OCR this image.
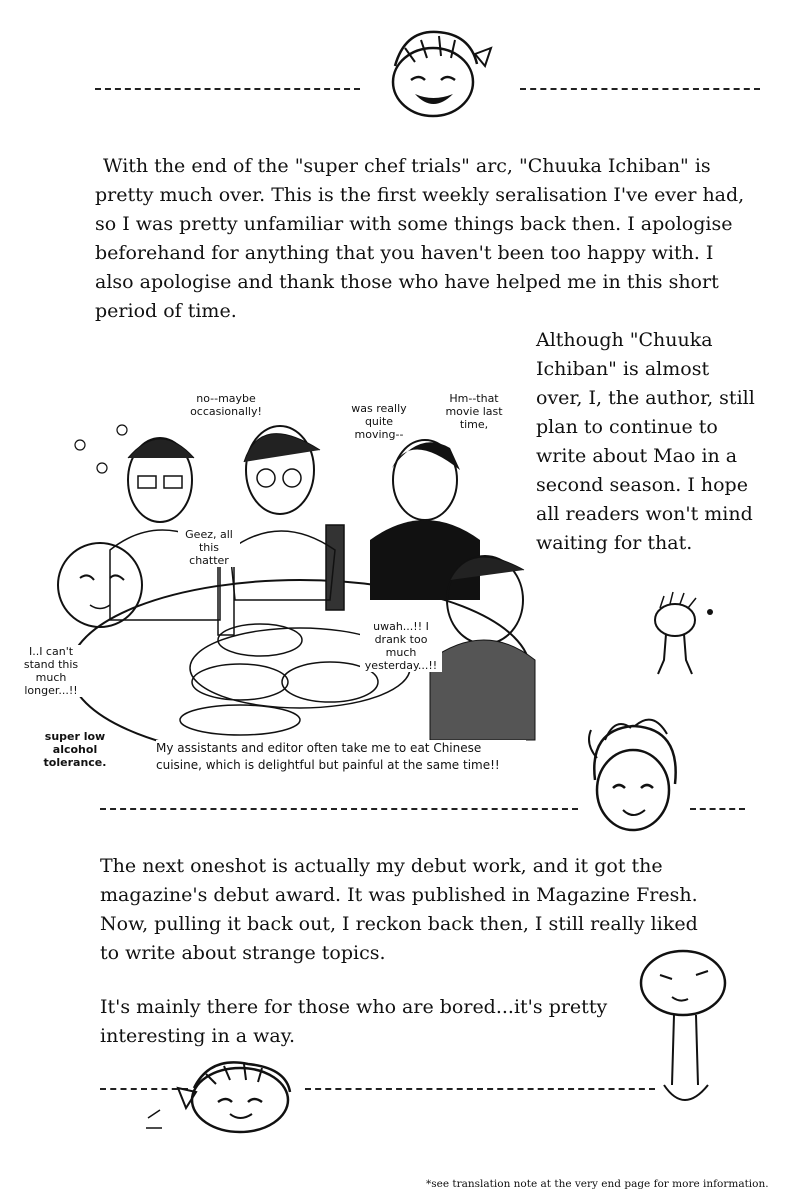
With the end of the "super chef trials" arc, "Chuuka Ichiban" is pretty much over. This is the first weekly seralisation I've ever had, so I was pretty unfamiliar with some things back then. I apologise beforehand for anything that you haven't been too happy with. I also apologise and thank those who have helped me in this short period of time.
Although "Chuuka Ichiban" is almost over, I, the author, still plan to continue to write about Mao in a second season. I hope all readers won't mind waiting for that.
no--maybe occasionally!	was really quite moving--
Hm--that movie last time,
Geez, all this chatter
uwah...!! I drank too much yesterday...!!
I..I can't stand this much longer...!!
super low alcohol tolerance.
My assistants and editor often take me to eat Chinese cuisine, which is delightful but painful at the same time!!
The next oneshot is actually my debut work, and it got the magazine's debut award. It was published in Magazine Fresh. Now, pulling it back out, I reckon back then, I still really liked to write about strange topics.
It's mainly there for those who are bored...it's pretty interesting in a way.
*see translation note at the very end page for more information.
